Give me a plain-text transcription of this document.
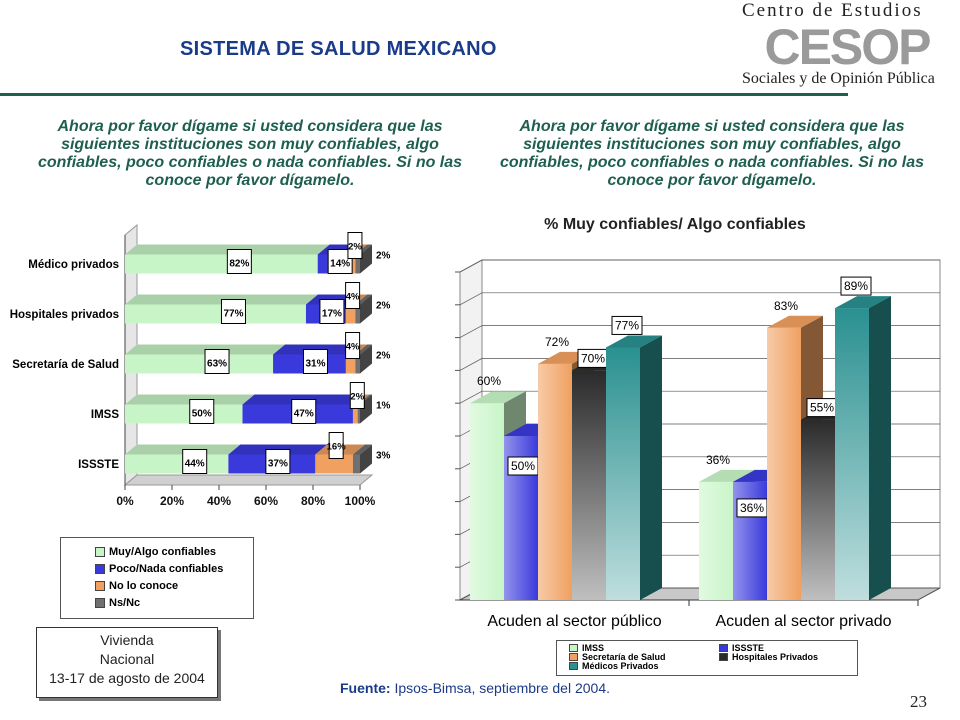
SISTEMA DE SALUD MEXICANO
Centro de Estudios
CESOP
Sociales y de Opinión Pública
Ahora por favor dígame si usted considera que las siguientes instituciones son muy confiables, algo confiables, poco confiables o nada confiables. Si no las conoce por favor dígamelo.
Ahora por favor dígame si usted considera que las siguientes instituciones son muy confiables, algo confiables, poco confiables o nada confiables. Si no las conoce por favor dígamelo.
0% 20% 40% 60% 80% 100%
Médico privados	82%	14%
2%
2%
Hospitales privados	77%	17%
4%
2%
Secretaría de Salud	63%	31%
4%
2%
IMSS	50%	47%
2%
1%
ISSSTE	44%	37%
16%
3%
Muy/Algo confiables
Poco/Nada confiables
No lo conoce
Ns/Nc
% Muy confiables/ Algo confiables
Acuden al sector público
60%
50%
72%
70%
77%
Acuden al sector privado
36%
36%
83%
55%
89%
IMSS	ISSSTE
Secretaría de Salud	Hospitales Privados
Médicos Privados
Vivienda
Nacional
13-17 de agosto de 2004
Fuente: Ipsos-Bimsa, septiembre del 2004.
23
